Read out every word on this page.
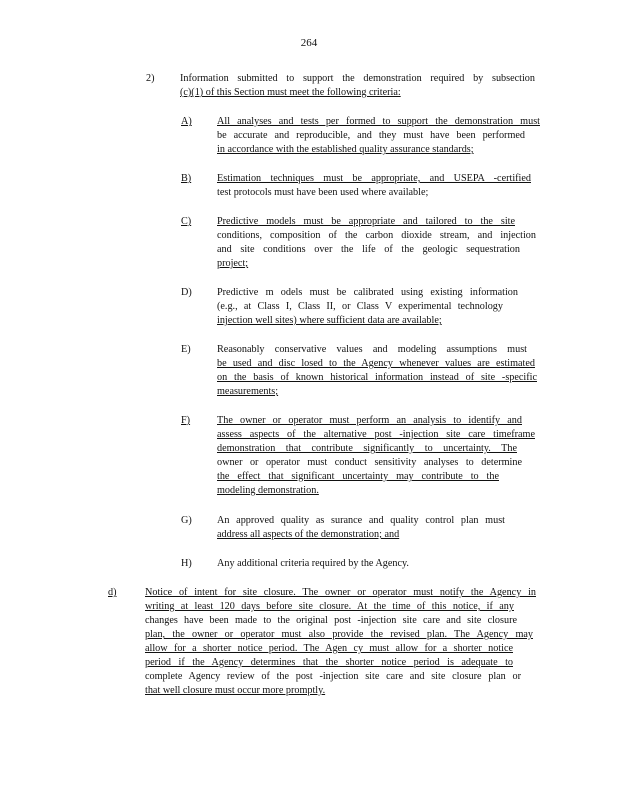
264
2)	Information submitted to support the demonstration required by subsection
(c)(1) of this Section must meet the following criteria:
A) All analyses and tests per formed to support the demonstration must
be accurate and reproducible, and they must have been performed
in accordance with the established quality assurance standards;
B)	Estimation techniques must be appropriate, and USEPA -certified
test protocols must have been used where available;
C)	Predictive models must be appropriate and tailored to the site
conditions, composition of the carbon dioxide stream, and injection
and site conditions over the life of the geologic sequestration
project;
D) Predictive m odels must be calibrated using existing information
(e.g., at Class I, Class II, or Class V experimental technology
injection well sites) where sufficient data are available;
E)	Reasonably conservative values and modeling assumptions must
be used and disc losed to the Agency whenever values are estimated
on the basis of known historical information instead of site -specific
measurements;
F)	The owner or operator must perform an analysis to identify and
assess aspects of the alternative post -injection site care timeframe
demonstration that contribute significantly to uncertainty. The
owner or operator must conduct sensitivity analyses to determine
the effect that significant uncertainty may contribute to the
modeling demonstration.
G) An approved quality as surance and quality control plan must
address all aspects of the demonstration; and
H) Any additional criteria required by the Agency.
d)	Notice of intent for site closure. The owner or operator must notify the Agency in
writing at least 120 days before site closure. At the time of this notice, if any
changes have been made to the original post -injection site care and site closure
plan, the owner or operator must also provide the revised plan. The Agency may
allow for a shorter notice period. The Agen cy must allow for a shorter notice
period if the Agency determines that the shorter notice period is adequate to
complete Agency review of the post -injection site care and site closure plan or
that well closure must occur more promptly.
